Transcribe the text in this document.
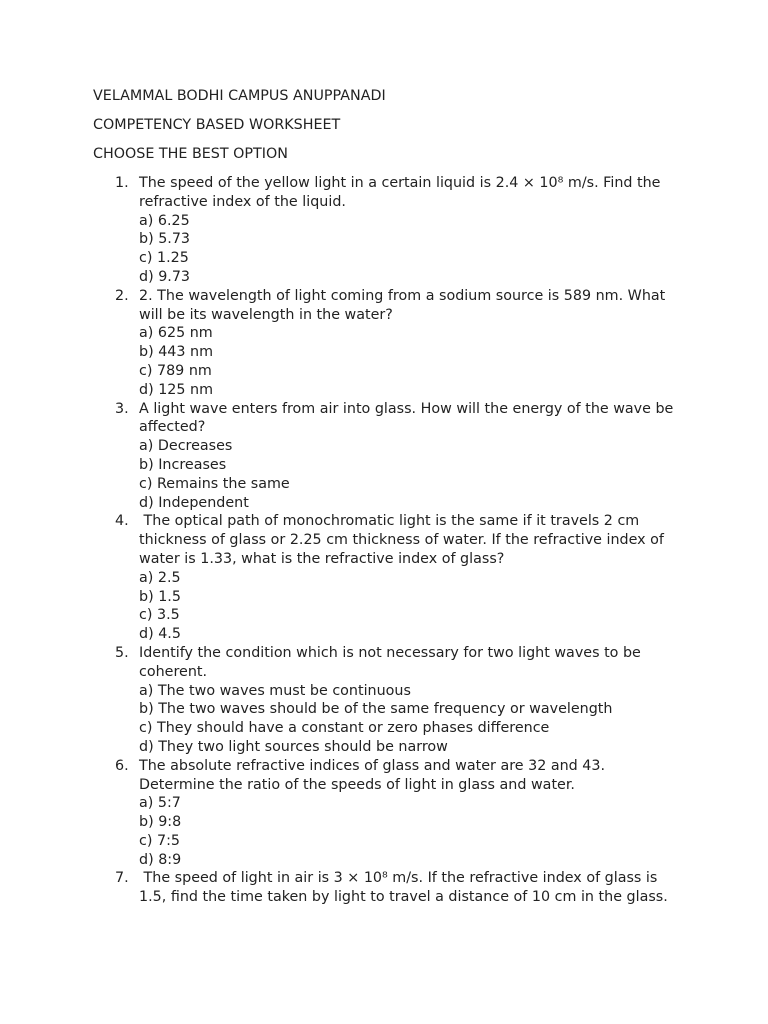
VELAMMAL BODHI CAMPUS ANUPPANADI
COMPETENCY BASED WORKSHEET
CHOOSE THE BEST OPTION
1. The speed of the yellow light in a certain liquid is 2.4 × 10⁸ m/s. Find the refractive index of the liquid.
a) 6.25
b) 5.73
c) 1.25
d) 9.73
2. 2. The wavelength of light coming from a sodium source is 589 nm. What will be its wavelength in the water?
a) 625 nm
b) 443 nm
c) 789 nm
d) 125 nm
3. A light wave enters from air into glass. How will the energy of the wave be affected?
a) Decreases
b) Increases
c) Remains the same
d) Independent
4. The optical path of monochromatic light is the same if it travels 2 cm thickness of glass or 2.25 cm thickness of water. If the refractive index of water is 1.33, what is the refractive index of glass?
a) 2.5
b) 1.5
c) 3.5
d) 4.5
5. Identify the condition which is not necessary for two light waves to be coherent.
a) The two waves must be continuous
b) The two waves should be of the same frequency or wavelength
c) They should have a constant or zero phases difference
d) They two light sources should be narrow
6. The absolute refractive indices of glass and water are 32 and 43. Determine the ratio of the speeds of light in glass and water.
a) 5:7
b) 9:8
c) 7:5
d) 8:9
7. The speed of light in air is 3 × 10⁸ m/s. If the refractive index of glass is 1.5, find the time taken by light to travel a distance of 10 cm in the glass.
